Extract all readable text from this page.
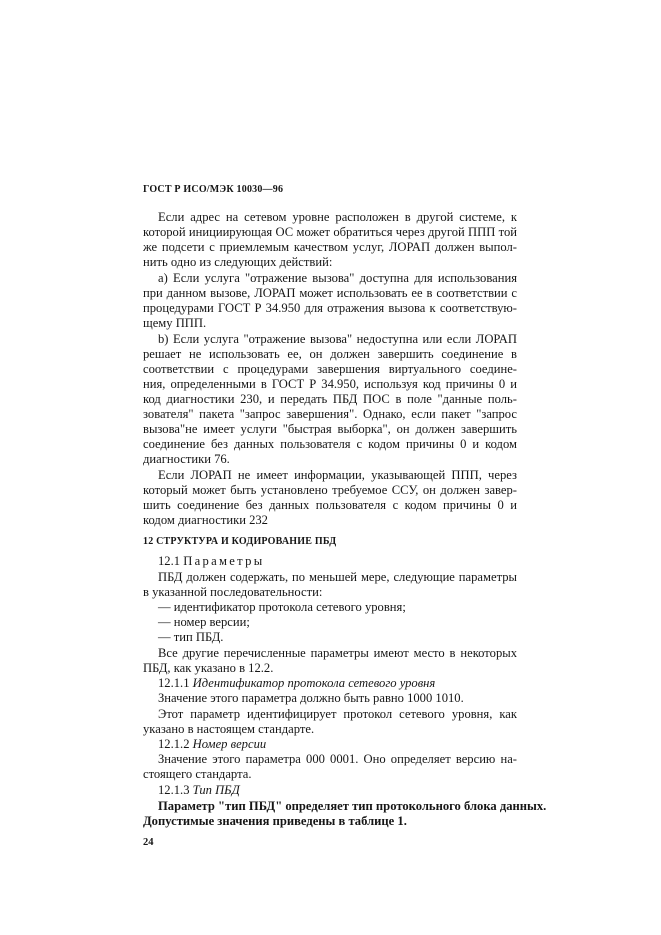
ГОСТ Р ИСО/МЭК 10030—96
Если адрес на сетевом уровне расположен в другой системе, к
которой инициирующая ОС может обратиться через другой ППП той
же подсети с приемлемым качеством услуг, ЛОРАП должен выпол-
нить одно из следующих действий:
а) Если услуга "отражение вызова" доступна для использования
при данном вызове, ЛОРАП может использовать ее в соответствии с
процедурами ГОСТ Р 34.950 для отражения вызова к соответствую-
щему ППП.
b) Если услуга "отражение вызова" недоступна или если ЛОРАП
решает не использовать ее, он должен завершить соединение в
соответствии с процедурами завершения виртуального соедине-
ния, определенными в ГОСТ Р 34.950, используя код причины 0 и
код диагностики 230, и передать ПБД ПОС в поле "данные поль-
зователя" пакета "запрос завершения". Однако, если пакет "запрос
вызова"не имеет услуги "быстрая выборка", он должен завершить
соединение без данных пользователя с кодом причины 0 и кодом
диагностики 76.
Если ЛОРАП не имеет информации, указывающей ППП, через
который может быть установлено требуемое ССУ, он должен завер-
шить соединение без данных пользователя с кодом причины 0 и
кодом диагностики 232
12 СТРУКТУРА И КОДИРОВАНИЕ ПБД
12.1 Параметры
ПБД должен содержать, по меньшей мере, следующие параметры
в указанной последовательности:
— идентификатор протокола сетевого уровня;
— номер версии;
— тип ПБД.
Все другие перечисленные параметры имеют место в некоторых
ПБД, как указано в 12.2.
12.1.1 Идентификатор протокола сетевого уровня
Значение этого параметра должно быть равно 1000 1010.
Этот параметр идентифицирует протокол сетевого уровня, как
указано в настоящем стандарте.
12.1.2 Номер версии
Значение этого параметра 000 0001. Оно определяет версию на-
стоящего стандарта.
12.1.3 Тип ПБД
Параметр "тип ПБД" определяет тип протокольного блока данных.
Допустимые значения приведены в таблице 1.
24
